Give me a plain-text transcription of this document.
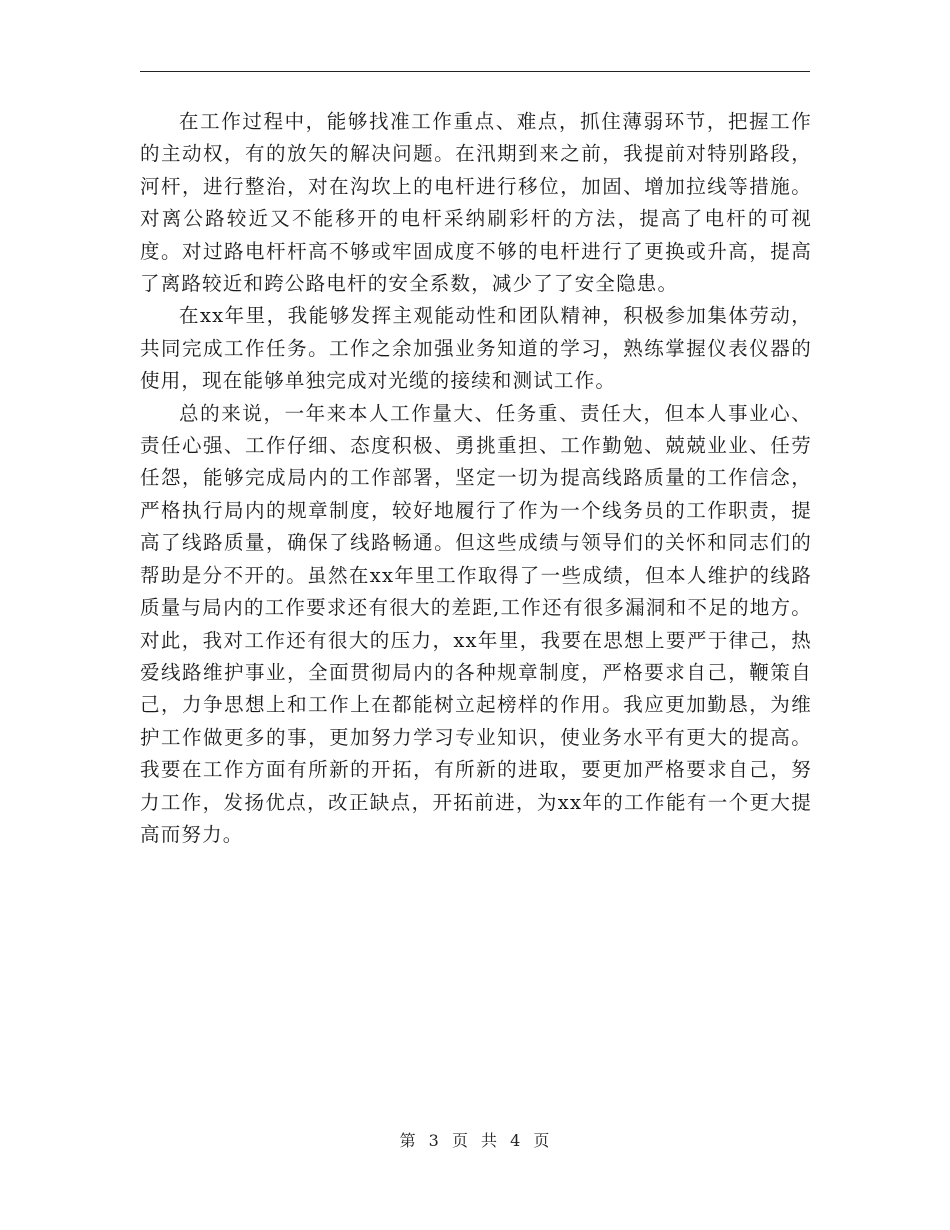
在工作过程中，能够找准工作重点、难点，抓住薄弱环节，把握工作的主动权，有的放矢的解决问题。在汛期到来之前，我提前对特别路段，河杆，进行整治，对在沟坎上的电杆进行移位，加固、增加拉线等措施。对离公路较近又不能移开的电杆采纳刷彩杆的方法，提高了电杆的可视度。对过路电杆杆高不够或牢固成度不够的电杆进行了更换或升高，提高了离路较近和跨公路电杆的安全系数，减少了了安全隐患。

在xx年里，我能够发挥主观能动性和团队精神，积极参加集体劳动，共同完成工作任务。工作之余加强业务知道的学习，熟练掌握仪表仪器的使用，现在能够单独完成对光缆的接续和测试工作。

总的来说，一年来本人工作量大、任务重、责任大，但本人事业心、责任心强、工作仔细、态度积极、勇挑重担、工作勤勉、兢兢业业、任劳任怨，能够完成局内的工作部署，坚定一切为提高线路质量的工作信念，严格执行局内的规章制度，较好地履行了作为一个线务员的工作职责，提高了线路质量，确保了线路畅通。但这些成绩与领导们的关怀和同志们的帮助是分不开的。虽然在xx年里工作取得了一些成绩，但本人维护的线路质量与局内的工作要求还有很大的差距,工作还有很多漏洞和不足的地方。对此，我对工作还有很大的压力，xx年里，我要在思想上要严于律己，热爱线路维护事业，全面贯彻局内的各种规章制度，严格要求自己，鞭策自己，力争思想上和工作上在都能树立起榜样的作用。我应更加勤恳，为维护工作做更多的事，更加努力学习专业知识，使业务水平有更大的提高。我要在工作方面有所新的开拓，有所新的进取，要更加严格要求自己，努力工作，发扬优点，改正缺点，开拓前进，为xx年的工作能有一个更大提高而努力。

第 3 页 共 4 页
